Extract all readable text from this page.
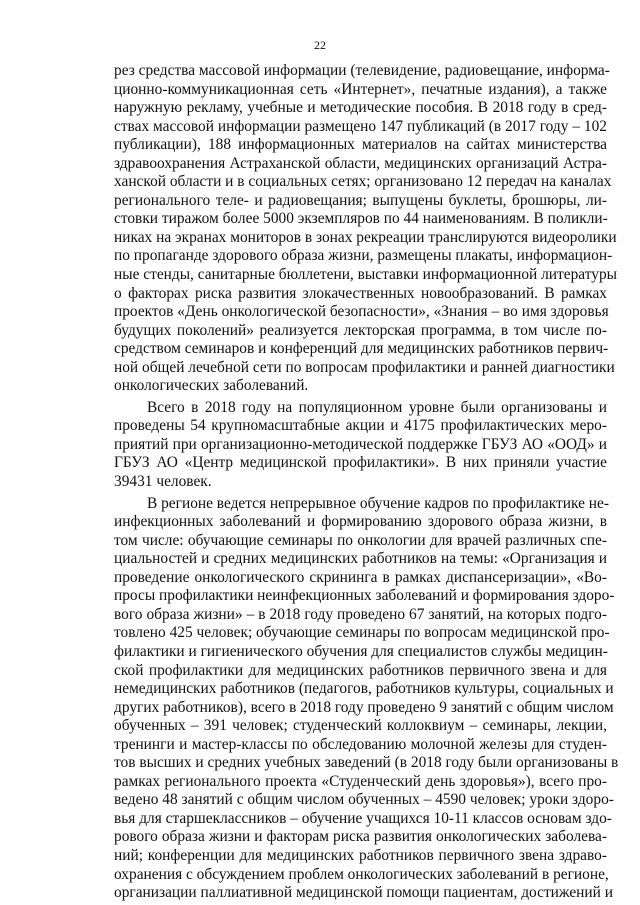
22
рез средства массовой информации (телевидение, радиовещание, информа-
ционно-коммуникационная сеть «Интернет», печатные издания), а также
наружную рекламу, учебные и методические пособия. В 2018 году в сред-
ствах массовой информации размещено 147 публикаций (в 2017 году – 102
публикации), 188 информационных материалов на сайтах министерства
здравоохранения Астраханской области, медицинских организаций Астра-
ханской области и в социальных сетях; организовано 12 передач на каналах
регионального теле- и радиовещания; выпущены буклеты, брошюры, ли-
стовки тиражом более 5000 экземпляров по 44 наименованиям. В поликли-
никах на экранах мониторов в зонах рекреации транслируются видеоролики
по пропаганде здорового образа жизни, размещены плакаты, информацион-
ные стенды, санитарные бюллетени, выставки информационной литературы
о факторах риска развития злокачественных новообразований. В рамках
проектов «День онкологической безопасности», «Знания – во имя здоровья
будущих поколений» реализуется лекторская программа, в том числе по-
средством семинаров и конференций для медицинских работников первич-
ной общей лечебной сети по вопросам профилактики и ранней диагностики
онкологических заболеваний.
Всего в 2018 году на популяционном уровне были организованы и
проведены 54 крупномасштабные акции и 4175 профилактических меро-
приятий при организационно-методической поддержке ГБУЗ АО «ООД» и
ГБУЗ АО «Центр медицинской профилактики». В них приняли участие
39431 человек.
В регионе ведется непрерывное обучение кадров по профилактике не-
инфекционных заболеваний и формированию здорового образа жизни, в
том числе: обучающие семинары по онкологии для врачей различных спе-
циальностей и средних медицинских работников на темы: «Организация и
проведение онкологического скрининга в рамках диспансеризации», «Во-
просы профилактики неинфекционных заболеваний и формирования здоро-
вого образа жизни» – в 2018 году проведено 67 занятий, на которых подго-
товлено 425 человек; обучающие семинары по вопросам медицинской про-
филактики и гигиенического обучения для специалистов службы медицин-
ской профилактики для медицинских работников первичного звена и для
немедицинских работников (педагогов, работников культуры, социальных и
других работников), всего в 2018 году проведено 9 занятий с общим числом
обученных – 391 человек; студенческий коллоквиум – семинары, лекции,
тренинги и мастер-классы по обследованию молочной железы для студен-
тов высших и средних учебных заведений (в 2018 году были организованы в
рамках регионального проекта «Студенческий день здоровья»), всего про-
ведено 48 занятий с общим числом обученных – 4590 человек; уроки здоро-
вья для старшеклассников – обучение учащихся 10-11 классов основам здо-
рового образа жизни и факторам риска развития онкологических заболева-
ний; конференции для медицинских работников первичного звена здраво-
охранения с обсуждением проблем онкологических заболеваний в регионе,
организации паллиативной медицинской помощи пациентам, достижений и
